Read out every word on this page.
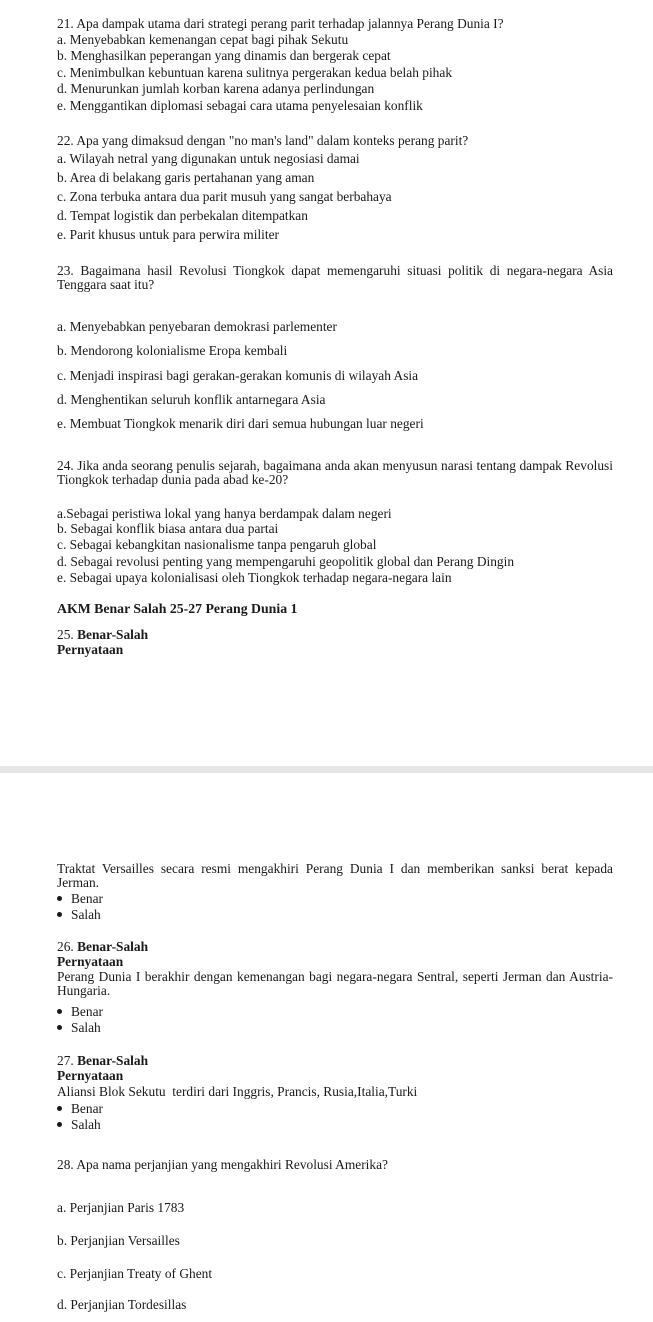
21. Apa dampak utama dari strategi perang parit terhadap jalannya Perang Dunia I?
a. Menyebabkan kemenangan cepat bagi pihak Sekutu
b. Menghasilkan peperangan yang dinamis dan bergerak cepat
c. Menimbulkan kebuntuan karena sulitnya pergerakan kedua belah pihak
d. Menurunkan jumlah korban karena adanya perlindungan
e. Menggantikan diplomasi sebagai cara utama penyelesaian konflik
22. Apa yang dimaksud dengan "no man's land" dalam konteks perang parit?
a. Wilayah netral yang digunakan untuk negosiasi damai
b. Area di belakang garis pertahanan yang aman
c. Zona terbuka antara dua parit musuh yang sangat berbahaya
d. Tempat logistik dan perbekalan ditempatkan
e. Parit khusus untuk para perwira militer
23. Bagaimana hasil Revolusi Tiongkok dapat memengaruhi situasi politik di negara-negara Asia Tenggara saat itu?
a. Menyebabkan penyebaran demokrasi parlementer
b. Mendorong kolonialisme Eropa kembali
c. Menjadi inspirasi bagi gerakan-gerakan komunis di wilayah Asia
d. Menghentikan seluruh konflik antarnegara Asia
e. Membuat Tiongkok menarik diri dari semua hubungan luar negeri
24. Jika anda seorang penulis sejarah, bagaimana anda akan menyusun narasi tentang dampak Revolusi Tiongkok terhadap dunia pada abad ke-20?
a.Sebagai peristiwa lokal yang hanya berdampak dalam negeri
b. Sebagai konflik biasa antara dua partai
c. Sebagai kebangkitan nasionalisme tanpa pengaruh global
d. Sebagai revolusi penting yang mempengaruhi geopolitik global dan Perang Dingin
e. Sebagai upaya kolonialisasi oleh Tiongkok terhadap negara-negara lain
AKM Benar Salah 25-27 Perang Dunia 1
25. Benar-Salah
Pernyataan
Traktat Versailles secara resmi mengakhiri Perang Dunia I dan memberikan sanksi berat kepada Jerman.
Benar
Salah
26. Benar-Salah
Pernyataan
Perang Dunia I berakhir dengan kemenangan bagi negara-negara Sentral, seperti Jerman dan Austria-Hungaria.
Benar
Salah
27. Benar-Salah
Pernyataan
Aliansi Blok Sekutu  terdiri dari Inggris, Prancis, Rusia,Italia,Turki
Benar
Salah
28. Apa nama perjanjian yang mengakhiri Revolusi Amerika?
a. Perjanjian Paris 1783
b. Perjanjian Versailles
c. Perjanjian Treaty of Ghent
d. Perjanjian Tordesillas
